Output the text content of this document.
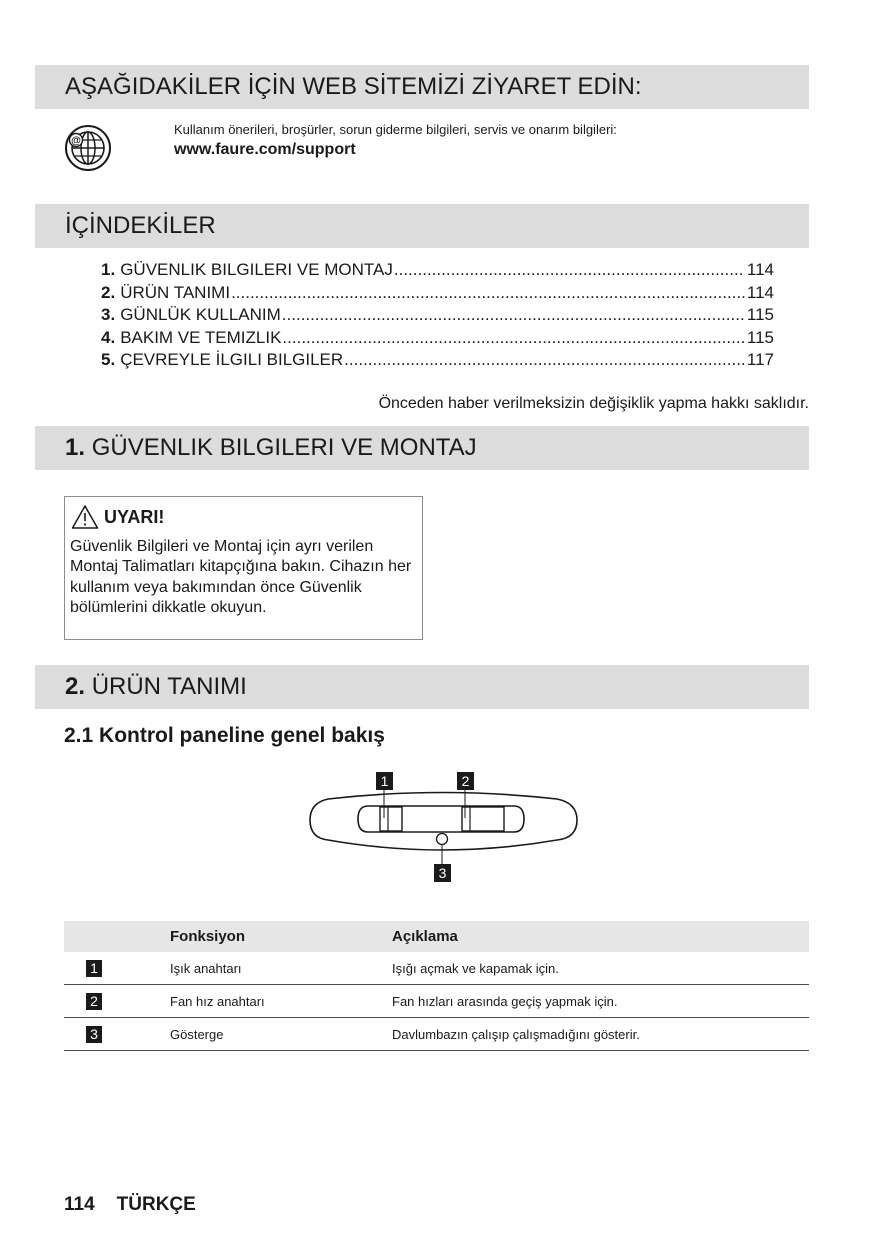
AŞAĞIDAKİLER İÇİN WEB SİTEMİZİ ZİYARET EDİN:
@
Kullanım önerileri, broşürler, sorun giderme bilgileri, servis ve onarım bilgileri:
www.faure.com/support
İÇİNDEKİLER
1. GÜVENLIK BILGILERI VE MONTAJ .....	114
2. ÜRÜN TANIMI .....	114
3. GÜNLÜK KULLANIM .....	115
4. BAKIM VE TEMIZLIK .....	115
5. ÇEVREYLE İLGILI BILGILER .....	117
Önceden haber verilmeksizin değişiklik yapma hakkı saklıdır.
1. GÜVENLIK BILGILERI VE MONTAJ
UYARI!
Güvenlik Bilgileri ve Montaj için ayrı verilen Montaj Talimatları kitapçığına bakın. Cihazın her kullanım veya bakımından önce Güvenlik bölümlerini dikkatle okuyun.
2. ÜRÜN TANIMI
2.1 Kontrol paneline genel bakış
1	2
3
	Fonksiyon	Açıklama
1	Işık anahtarı	Işığı açmak ve kapamak için.
2	Fan hız anahtarı	Fan hızları arasında geçiş yapmak için.
3	Gösterge	Davlumbazın çalışıp çalışmadığını gösterir.
114 TÜRKÇE
